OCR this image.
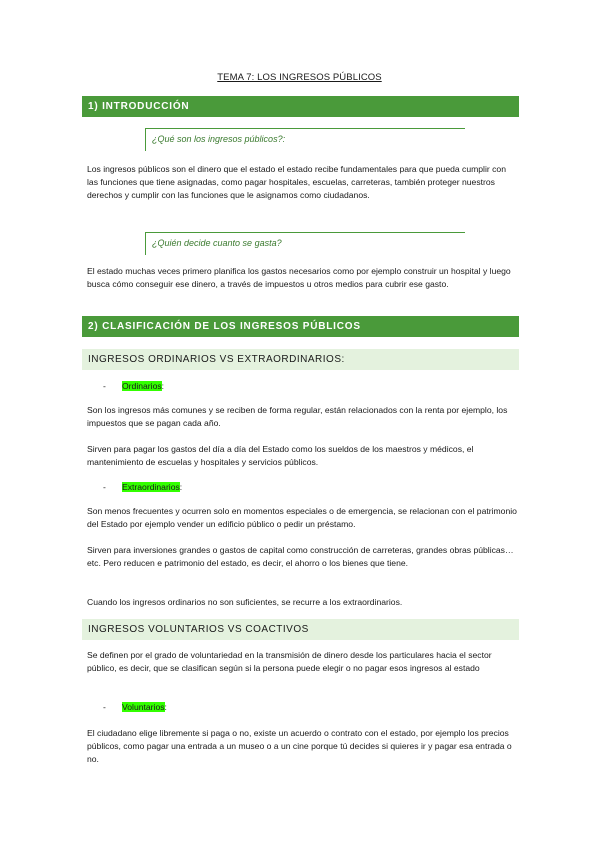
TEMA 7: LOS INGRESOS PÚBLICOS
1) INTRODUCCIÓN
¿Qué son los ingresos públicos?:
Los ingresos públicos son el dinero que el estado el estado recibe fundamentales para que pueda cumplir con las funciones que tiene asignadas, como pagar hospitales, escuelas, carreteras, también proteger nuestros derechos y cumplir con las funciones que le asignamos como ciudadanos.
¿Quién decide cuanto se gasta?
El estado muchas veces primero planifica los gastos necesarios como por ejemplo construir un hospital y luego busca cómo conseguir ese dinero, a través de impuestos u otros medios para cubrir ese gasto.
2) CLASIFICACIÓN DE LOS INGRESOS PÚBLICOS
INGRESOS ORDINARIOS VS EXTRAORDINARIOS:
- Ordinarios:
Son los ingresos más comunes y se reciben de forma regular, están relacionados con la renta por ejemplo, los impuestos que se pagan cada año.
Sirven para pagar los gastos del día a día del Estado como los sueldos de los maestros y médicos, el mantenimiento de escuelas y hospitales y servicios públicos.
- Extraordinarios:
Son menos frecuentes y ocurren solo en momentos especiales o de emergencia, se relacionan con el patrimonio del Estado por ejemplo vender un edificio público o pedir un préstamo.
Sirven para inversiones grandes o gastos de capital como construcción de carreteras, grandes obras públicas…etc. Pero reducen e patrimonio del estado, es decir, el ahorro o los bienes que tiene.
Cuando los ingresos ordinarios no son suficientes, se recurre a los extraordinarios.
INGRESOS VOLUNTARIOS VS COACTIVOS
Se definen por el grado de voluntariedad en la transmisión de dinero desde los particulares hacia el sector público, es decir, que se clasifican según si la persona puede elegir o no pagar esos ingresos al estado
- Voluntarios:
El ciudadano elige libremente si paga o no, existe un acuerdo o contrato con el estado, por ejemplo los precios públicos, como pagar una entrada a un museo o a un cine porque tú decides si quieres ir y pagar esa entrada o no.
